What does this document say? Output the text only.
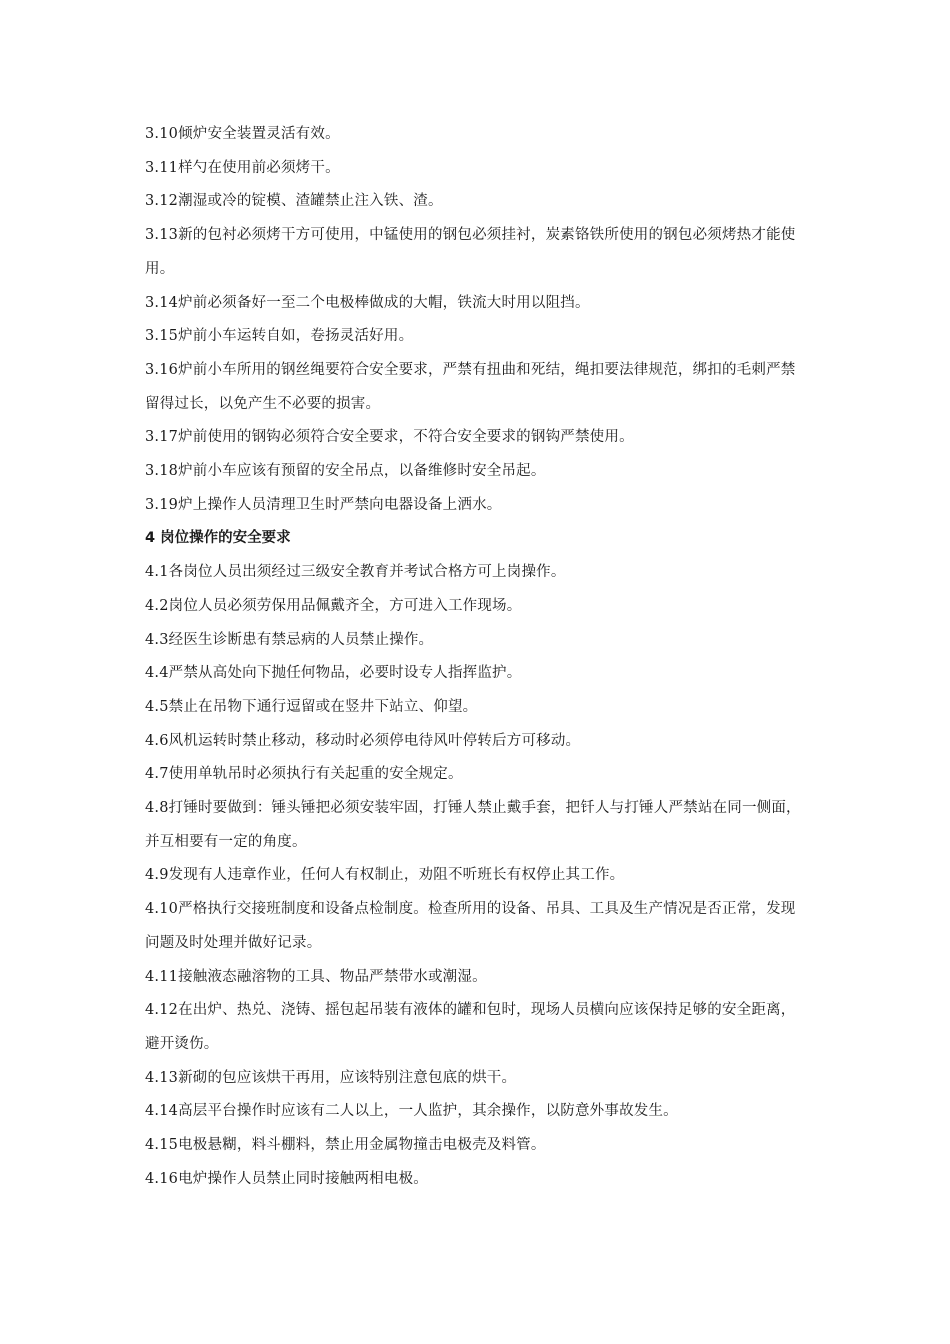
3.10倾炉安全装置灵活有效。

3.11样勺在使用前必须烤干。

3.12潮湿或冷的锭模、渣罐禁止注入铁、渣。

3.13新的包衬必须烤干方可使用，中锰使用的钢包必须挂衬，炭素铬铁所使用的钢包必须烤热才能使用。

3.14炉前必须备好一至二个电极棒做成的大帽，铁流大时用以阻挡。

3.15炉前小车运转自如，卷扬灵活好用。

3.16炉前小车所用的钢丝绳要符合安全要求，严禁有扭曲和死结，绳扣要法律规范，绑扣的毛刺严禁留得过长，以免产生不必要的损害。

3.17炉前使用的钢钩必须符合安全要求，不符合安全要求的钢钩严禁使用。

3.18炉前小车应该有预留的安全吊点，以备维修时安全吊起。

3.19炉上操作人员清理卫生时严禁向电器设备上洒水。

4 岗位操作的安全要求

4.1各岗位人员岀须经过三级安全教育并考试合格方可上岗操作。

4.2岗位人员必须劳保用品佩戴齐全，方可进入工作现场。

4.3经医生诊断患有禁忌病的人员禁止操作。

4.4严禁从高处向下抛任何物品，必要时设专人指挥监护。

4.5禁止在吊物下通行逗留或在竖井下站立、仰望。

4.6风机运转时禁止移动，移动时必须停电待风叶停转后方可移动。

4.7使用单轨吊时必须执行有关起重的安全规定。

4.8打锤时要做到：锤头锤把必须安装牢固，打锤人禁止戴手套，把钎人与打锤人严禁站在同一侧面，并互相要有一定的角度。

4.9发现有人违章作业，任何人有权制止，劝阻不听班长有权停止其工作。

4.10严格执行交接班制度和设备点检制度。检查所用的设备、吊具、工具及生产情况是否正常，发现问题及时处理并做好记录。

4.11接触液态融溶物的工具、物品严禁带水或潮湿。

4.12在出炉、热兑、浇铸、摇包起吊装有液体的罐和包时，现场人员横向应该保持足够的安全距离，避开烫伤。

4.13新砌的包应该烘干再用，应该特别注意包底的烘干。

4.14高层平台操作时应该有二人以上，一人监护，其余操作，以防意外事故发生。

4.15电极悬糊，料斗棚料，禁止用金属物撞击电极壳及料管。

4.16电炉操作人员禁止同时接触两相电极。
